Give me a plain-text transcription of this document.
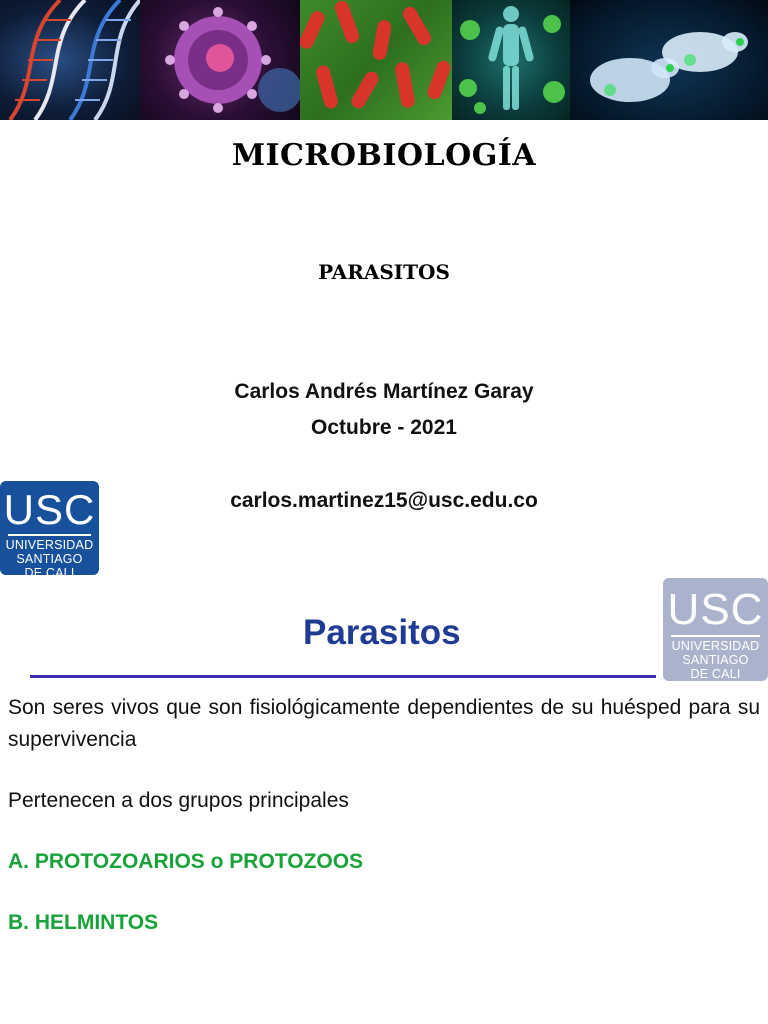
MICROBIOLOGÍA
PARASITOS
Carlos Andrés Martínez Garay
Octubre - 2021
carlos.martinez15@usc.edu.co
USC
UNIVERSIDAD
SANTIAGO
DE CALI
USC
UNIVERSIDAD
SANTIAGO
DE CALI
Parasitos
Son seres vivos que son fisiológicamente dependientes de su huésped para su supervivencia
Pertenecen a dos grupos principales
A. PROTOZOARIOS o PROTOZOOS
B. HELMINTOS
